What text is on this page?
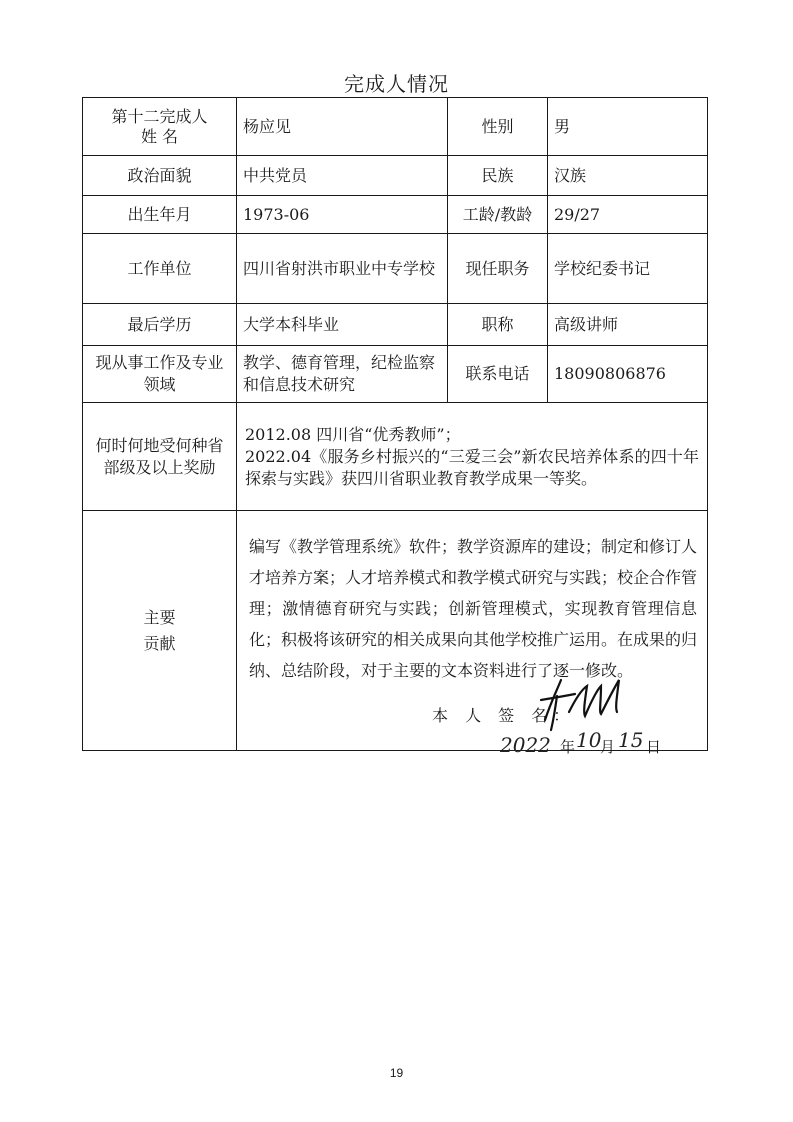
完成人情况
第十二完成人
姓 名	杨应见	性别	男
政治面貌	中共党员	民族	汉族
出生年月	1973-06	工龄/教龄	29/27
工作单位	四川省射洪市职业中专学校	现任职务	学校纪委书记
最后学历	大学本科毕业	职称	高级讲师
现从事工作及专业领域	教学、德育管理，纪检监察和信息技术研究	联系电话	18090806876
何时何地受何种省部级及以上奖励	2012.08 四川省“优秀教师”；
2022.04《服务乡村振兴的“三爱三会”新农民培养体系的四十年探索与实践》获四川省职业教育教学成果一等奖。		

主要贡献	编写《教学管理系统》软件；教学资源库的建设；制定和修订人才培养方案；人才培养模式和教学模式研究与实践；校企合作管理；激情德育研究与实践；创新管理模式，实现教育管理信息化；积极将该研究的相关成果向其他学校推广运用。在成果的归纳、总结阶段，对于主要的文本资料进行了逐一修改。		
本 人 签 名：
2022 年 10
月 15 日
19
